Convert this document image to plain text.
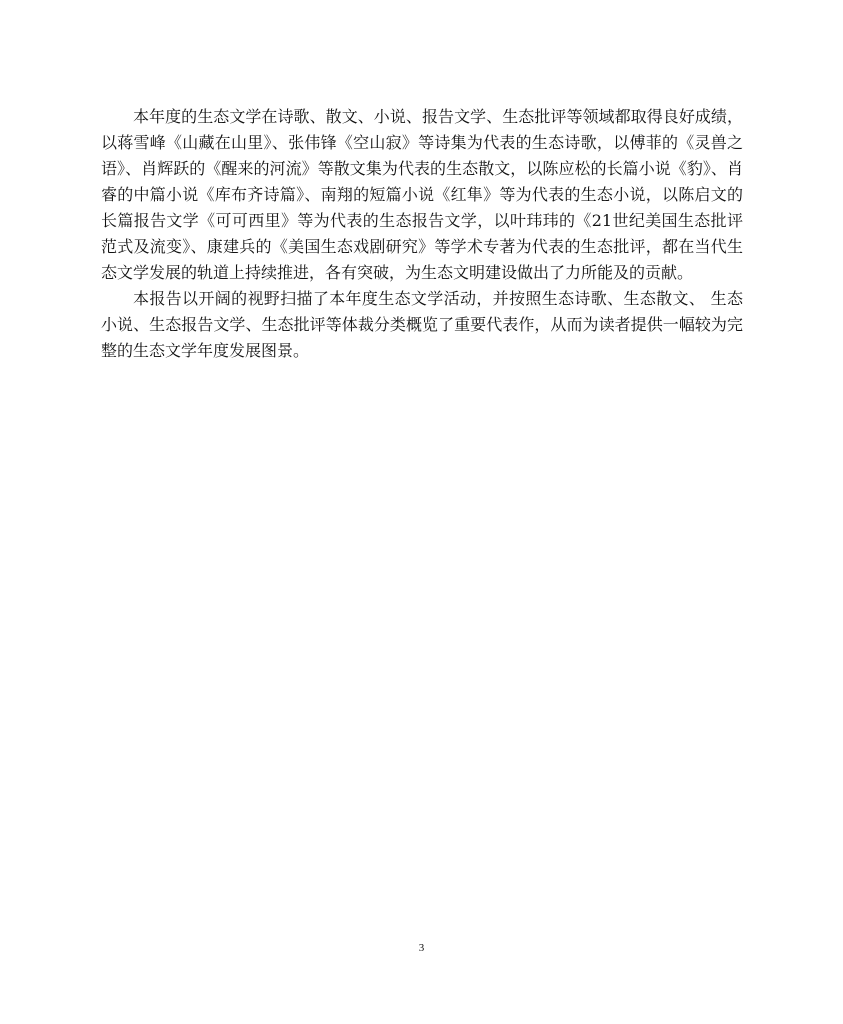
本年度的生态文学在诗歌、散文、小说、报告文学、生态批评等领域都取得良好成绩，以蒋雪峰《山藏在山里》、张伟锋《空山寂》等诗集为代表的生态诗歌，以傅菲的《灵兽之语》、肖辉跃的《醒来的河流》等散文集为代表的生态散文，以陈应松的长篇小说《豹》、肖睿的中篇小说《库布齐诗篇》、南翔的短篇小说《红隼》等为代表的生态小说，以陈启文的长篇报告文学《可可西里》等为代表的生态报告文学，以叶玮玮的《21世纪美国生态批评范式及流变》、康建兵的《美国生态戏剧研究》等学术专著为代表的生态批评，都在当代生态文学发展的轨道上持续推进，各有突破，为生态文明建设做出了力所能及的贡献。

本报告以开阔的视野扫描了本年度生态文学活动，并按照生态诗歌、生态散文、 生态小说、生态报告文学、生态批评等体裁分类概览了重要代表作，从而为读者提供一幅较为完整的生态文学年度发展图景。

3
